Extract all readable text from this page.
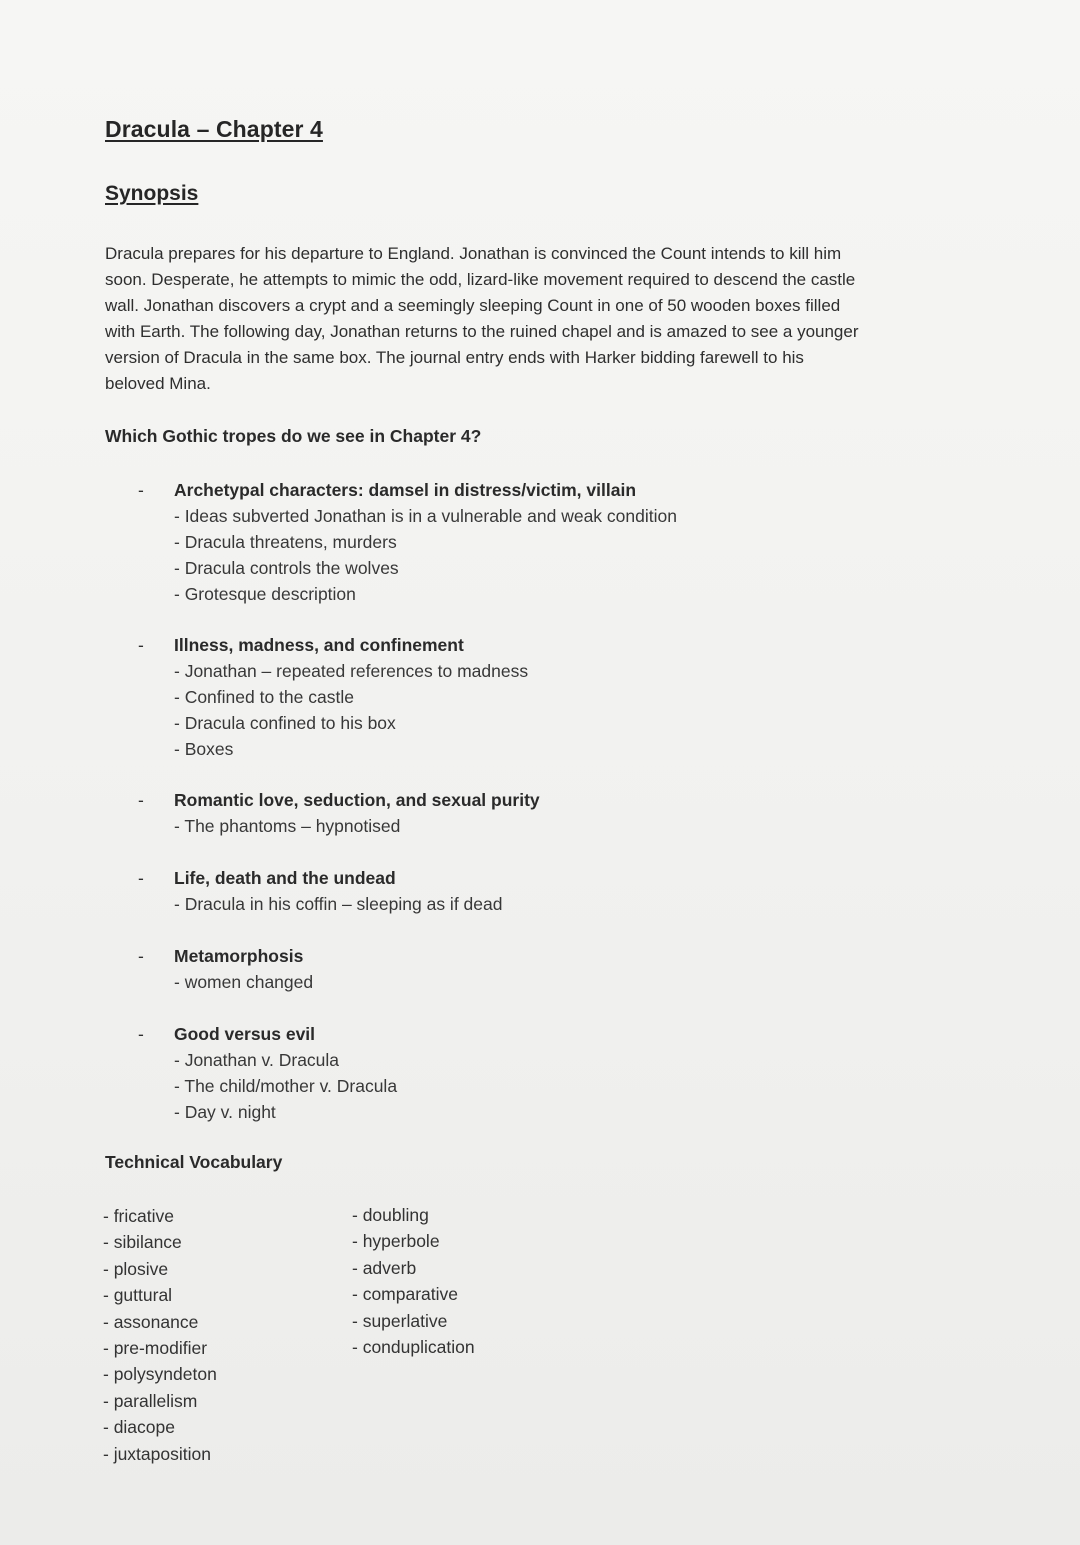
Dracula – Chapter 4
Synopsis
Dracula prepares for his departure to England. Jonathan is convinced the Count intends to kill him
soon. Desperate, he attempts to mimic the odd, lizard-like movement required to descend the castle
wall. Jonathan discovers a crypt and a seemingly sleeping Count in one of 50 wooden boxes filled
with Earth. The following day, Jonathan returns to the ruined chapel and is amazed to see a younger
version of Dracula in the same box. The journal entry ends with Harker bidding farewell to his
beloved Mina.
Which Gothic tropes do we see in Chapter 4?
-	Archetypal characters: damsel in distress/victim, villain
- Ideas subverted Jonathan is in a vulnerable and weak condition
- Dracula threatens, murders
- Dracula controls the wolves
- Grotesque description
-	Illness, madness, and confinement
- Jonathan – repeated references to madness
- Confined to the castle
- Dracula confined to his box
- Boxes
-	Romantic love, seduction, and sexual purity
- The phantoms – hypnotised
-	Life, death and the undead
- Dracula in his coffin – sleeping as if dead
-	Metamorphosis
- women changed
-	Good versus evil
- Jonathan v. Dracula
- The child/mother v. Dracula
- Day v. night
Technical Vocabulary
- fricative
- sibilance
- plosive
- guttural
- assonance
- pre-modifier
- polysyndeton
- parallelism
- diacope
- juxtaposition
- doubling
- hyperbole
- adverb
- comparative
- superlative
- conduplication
